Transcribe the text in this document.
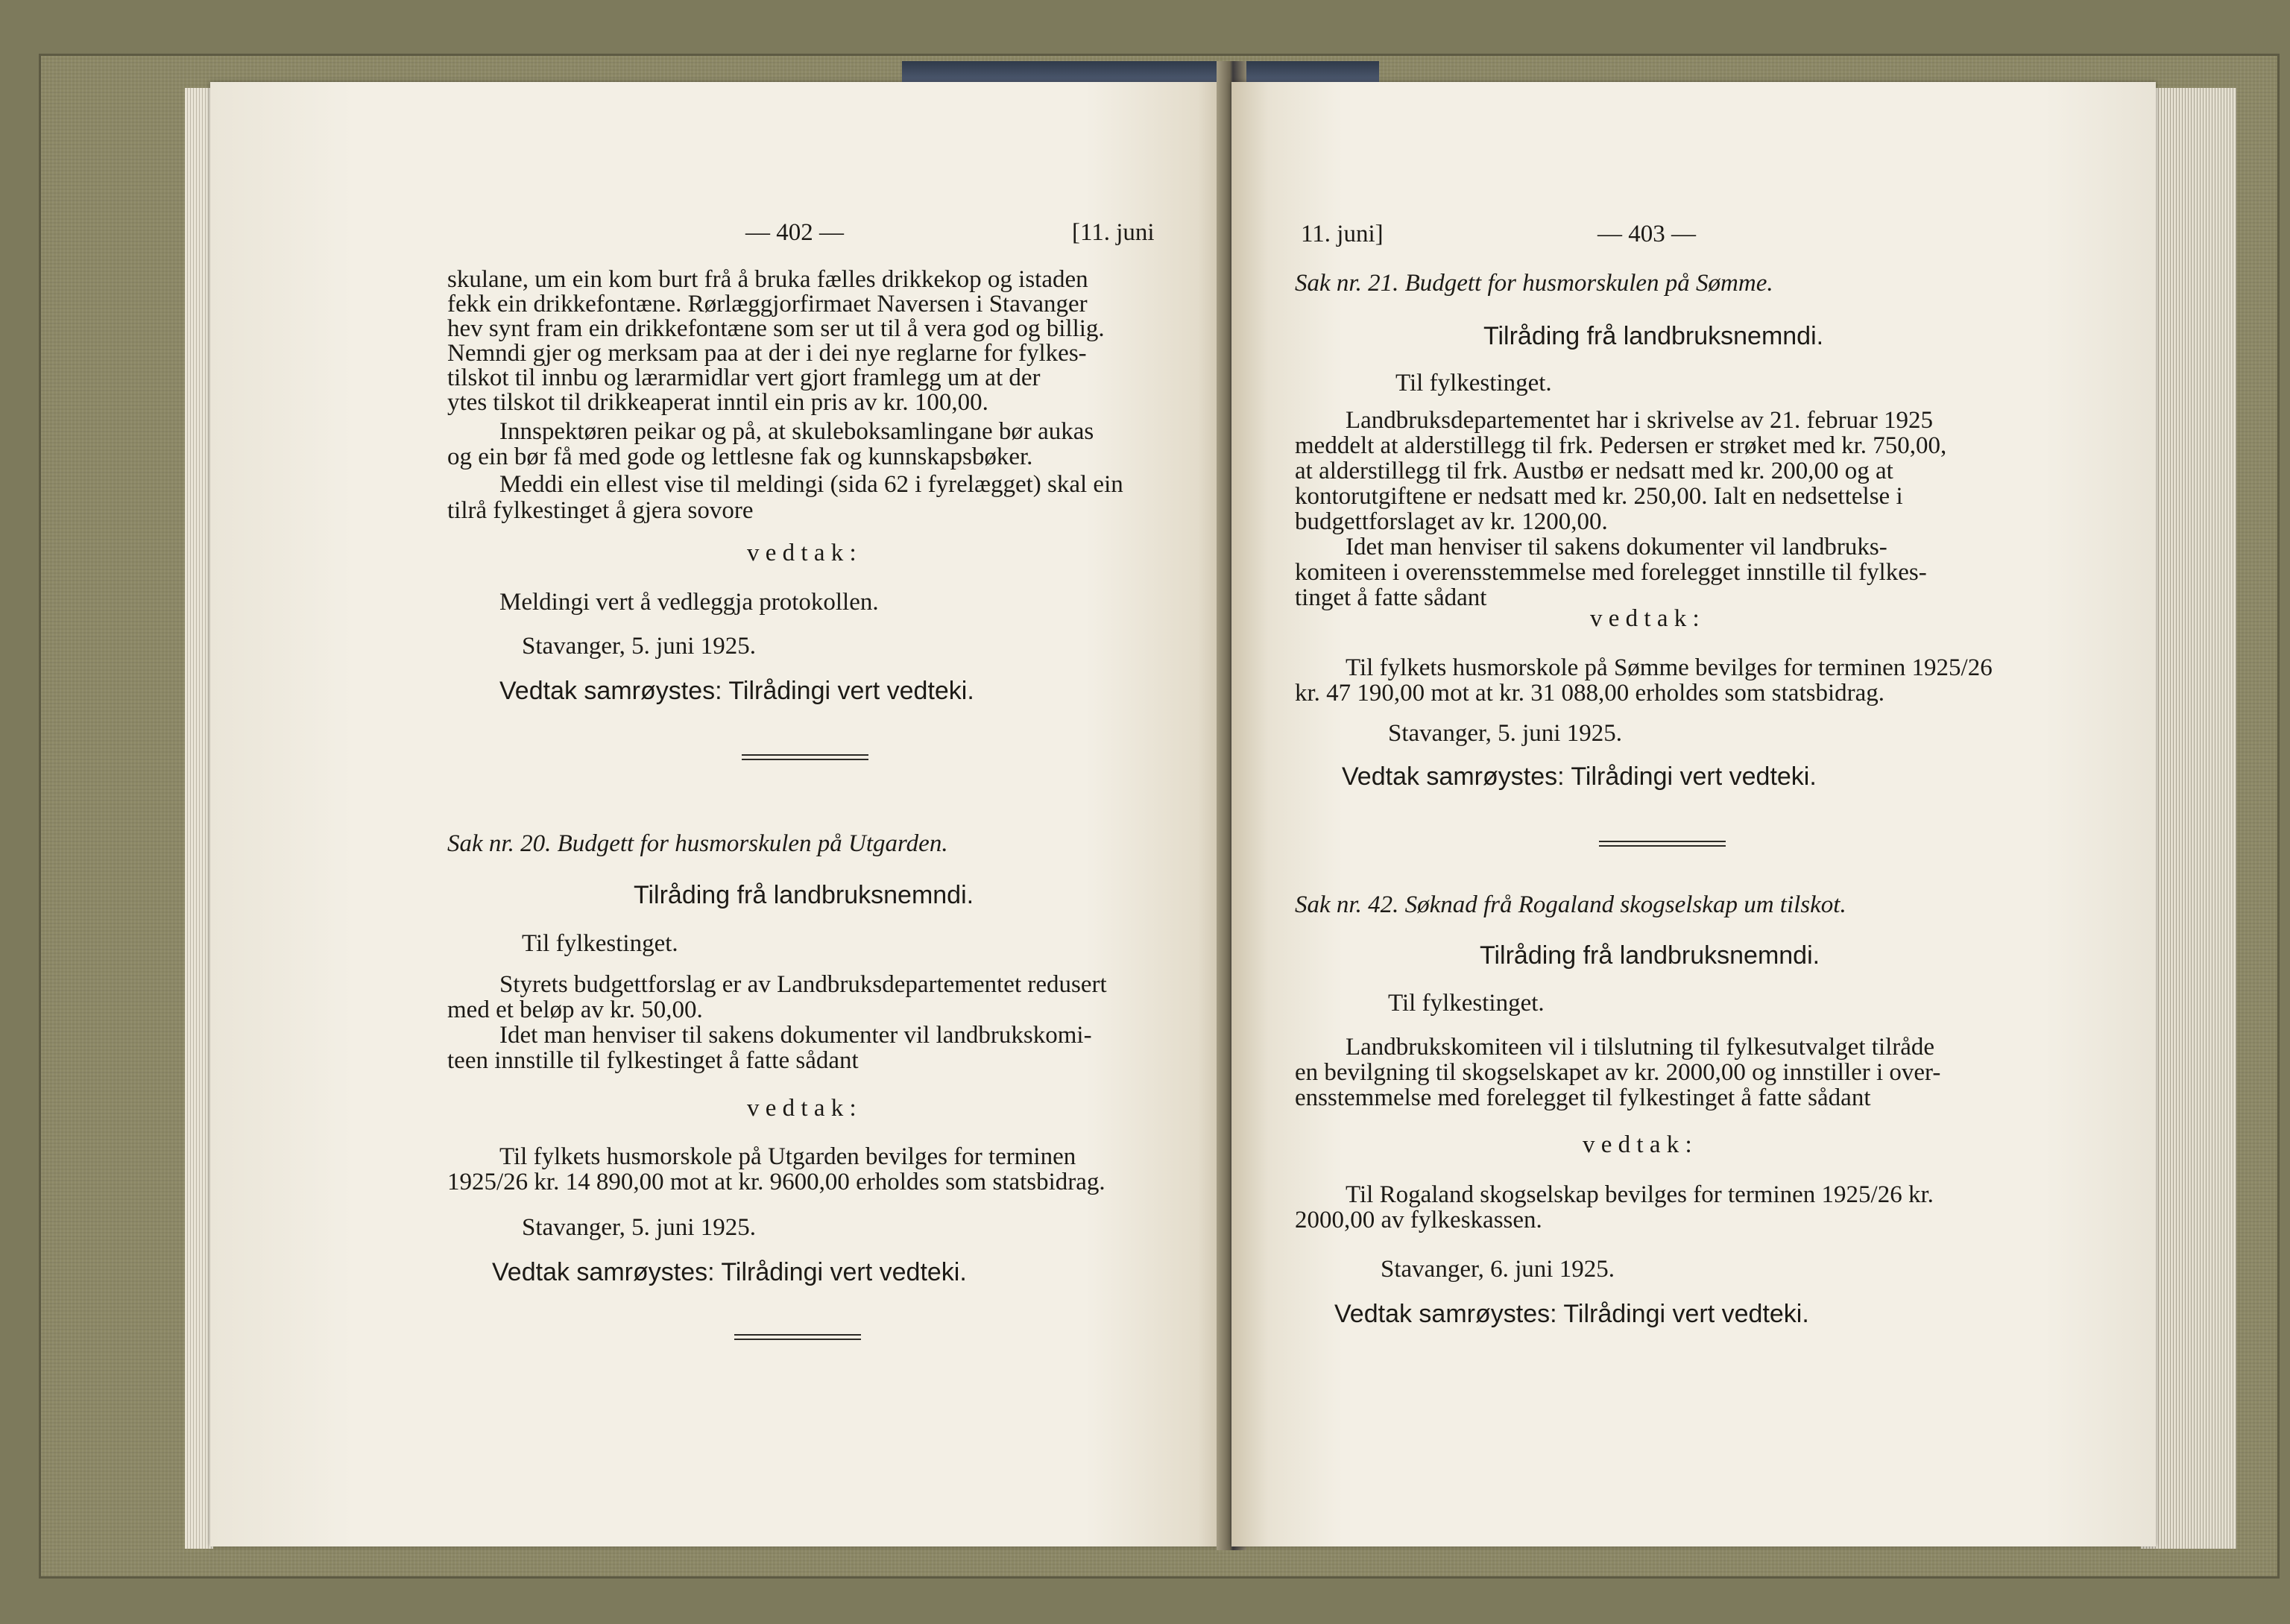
— 402 —	[11. juni
skulane, um ein kom burt frå å bruka fælles drikkekop og istaden
fekk ein drikkefontæne. Rørlæggjorfirmaet Naversen i Stavanger
hev synt fram ein drikkefontæne som ser ut til å vera god og billig.
Nemndi gjer og merksam paa at der i dei nye reglarne for fylkes-
tilskot til innbu og lærarmidlar vert gjort framlegg um at der
ytes tilskot til drikkeaperat inntil ein pris av kr. 100,00.
Innspektøren peikar og på, at skuleboksamlingane bør aukas
og ein bør få med gode og lettlesne fak og kunnskapsbøker.
Meddi ein ellest vise til meldingi (sida 62 i fyrelægget) skal ein
tilrå fylkestinget å gjera sovore
v e d t a k :
Meldingi vert å vedleggja protokollen.
Stavanger, 5. juni 1925.
Vedtak samrøystes: Tilrådingi vert vedteki.
Sak nr. 20. Budgett for husmorskulen på Utgarden.
Tilråding frå landbruksnemndi.
Til fylkestinget.
Styrets budgettforslag er av Landbruksdepartementet redusert
med et beløp av kr. 50,00.
Idet man henviser til sakens dokumenter vil landbrukskomi-
teen innstille til fylkestinget å fatte sådant
v e d t a k :
Til fylkets husmorskole på Utgarden bevilges for terminen
1925/26 kr. 14 890,00 mot at kr. 9600,00 erholdes som statsbidrag.
Stavanger, 5. juni 1925.
Vedtak samrøystes: Tilrådingi vert vedteki.
11. juni]	— 403 —
Sak nr. 21. Budgett for husmorskulen på Sømme.
Tilråding frå landbruksnemndi.
Til fylkestinget.
Landbruksdepartementet har i skrivelse av 21. februar 1925
meddelt at alderstillegg til frk. Pedersen er strøket med kr. 750,00,
at alderstillegg til frk. Austbø er nedsatt med kr. 200,00 og at
kontorutgiftene er nedsatt med kr. 250,00. Ialt en nedsettelse i
budgettforslaget av kr. 1200,00.
Idet man henviser til sakens dokumenter vil landbruks-
komiteen i overensstemmelse med forelegget innstille til fylkes-
tinget å fatte sådant
v e d t a k :
Til fylkets husmorskole på Sømme bevilges for terminen 1925/26
kr. 47 190,00 mot at kr. 31 088,00 erholdes som statsbidrag.
Stavanger, 5. juni 1925.
Vedtak samrøystes: Tilrådingi vert vedteki.
Sak nr. 42. Søknad frå Rogaland skogselskap um tilskot.
Tilråding frå landbruksnemndi.
Til fylkestinget.
Landbrukskomiteen vil i tilslutning til fylkesutvalget tilråde
en bevilgning til skogselskapet av kr. 2000,00 og innstiller i over-
ensstemmelse med forelegget til fylkestinget å fatte sådant
v e d t a k :
Til Rogaland skogselskap bevilges for terminen 1925/26 kr.
2000,00 av fylkeskassen.
Stavanger, 6. juni 1925.
Vedtak samrøystes: Tilrådingi vert vedteki.
